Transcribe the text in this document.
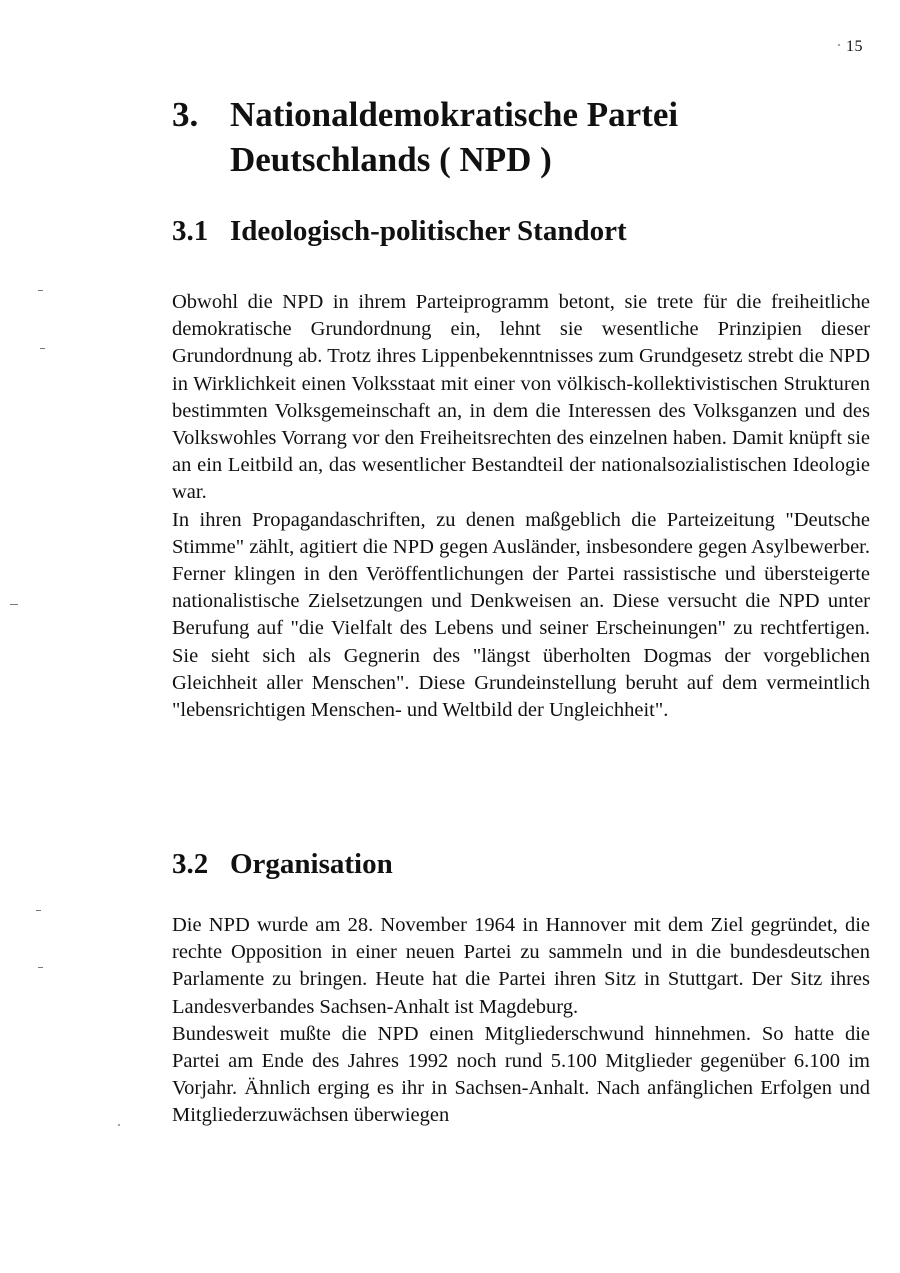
15
3. Nationaldemokratische Partei Deutschlands ( NPD )
3.1 Ideologisch-politischer Standort

Obwohl die NPD in ihrem Parteiprogramm betont, sie trete für die freiheitliche demokratische Grundordnung ein, lehnt sie wesentliche Prinzipien dieser Grundordnung ab. Trotz ihres Lippenbekenntnisses zum Grundgesetz strebt die NPD in Wirklichkeit einen Volksstaat mit einer von völkisch-kollektivistischen Strukturen bestimmten Volksgemeinschaft an, in dem die Interessen des Volksganzen und des Volkswohles Vorrang vor den Freiheitsrechten des einzelnen haben. Damit knüpft sie an ein Leitbild an, das wesentlicher Bestandteil der nationalsozialistischen Ideologie war.

In ihren Propagandaschriften, zu denen maßgeblich die Parteizeitung "Deutsche Stimme" zählt, agitiert die NPD gegen Ausländer, insbesondere gegen Asylbewerber. Ferner klingen in den Veröffentlichungen der Partei rassistische und übersteigerte nationalistische Zielsetzungen und Denkweisen an. Diese versucht die NPD unter Berufung auf "die Vielfalt des Lebens und seiner Erscheinungen" zu rechtfertigen. Sie sieht sich als Gegnerin des "längst überholten Dogmas der vorgeblichen Gleichheit aller Menschen". Diese Grundeinstellung beruht auf dem vermeintlich "lebensrichtigen Menschen- und Weltbild der Ungleichheit".

3.2 Organisation

Die NPD wurde am 28. November 1964 in Hannover mit dem Ziel gegründet, die rechte Opposition in einer neuen Partei zu sammeln und in die bundesdeutschen Parlamente zu bringen. Heute hat die Partei ihren Sitz in Stuttgart. Der Sitz ihres Landesverbandes Sachsen-Anhalt ist Magdeburg.

Bundesweit mußte die NPD einen Mitgliederschwund hinnehmen. So hatte die Partei am Ende des Jahres 1992 noch rund 5.100 Mitglieder gegenüber 6.100 im Vorjahr. Ähnlich erging es ihr in Sachsen-Anhalt. Nach anfänglichen Erfolgen und Mitgliederzuwächsen überwiegen
